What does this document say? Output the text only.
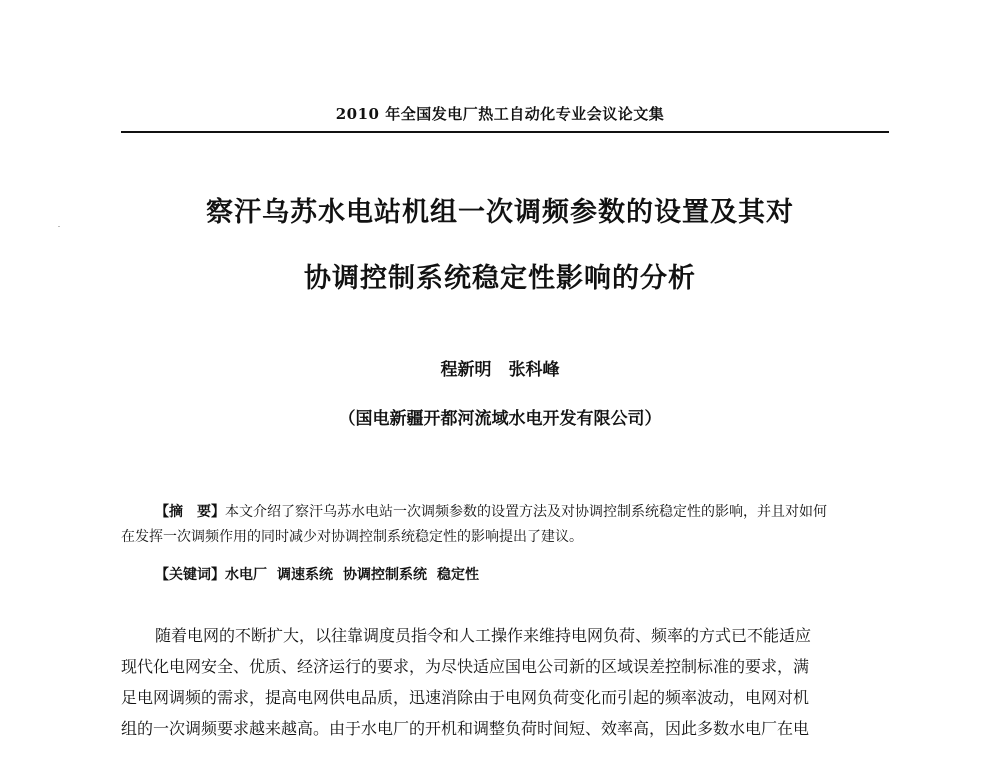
2010 年全国发电厂热工自动化专业会议论文集
察汗乌苏水电站机组一次调频参数的设置及其对
协调控制系统稳定性影响的分析
程新明　张科峰
（国电新疆开都河流域水电开发有限公司）
【摘　要】本文介绍了察汗乌苏水电站一次调频参数的设置方法及对协调控制系统稳定性的影响，并且对如何
在发挥一次调频作用的同时减少对协调控制系统稳定性的影响提出了建议。
【关键词】水电厂 调速系统 协调控制系统 稳定性
随着电网的不断扩大，以往靠调度员指令和人工操作来维持电网负荷、频率的方式已不能适应
现代化电网安全、优质、经济运行的要求，为尽快适应国电公司新的区域误差控制标准的要求，满
足电网调频的需求，提高电网供电品质，迅速消除由于电网负荷变化而引起的频率波动，电网对机
组的一次调频要求越来越高。由于水电厂的开机和调整负荷时间短、效率高，因此多数水电厂在电
